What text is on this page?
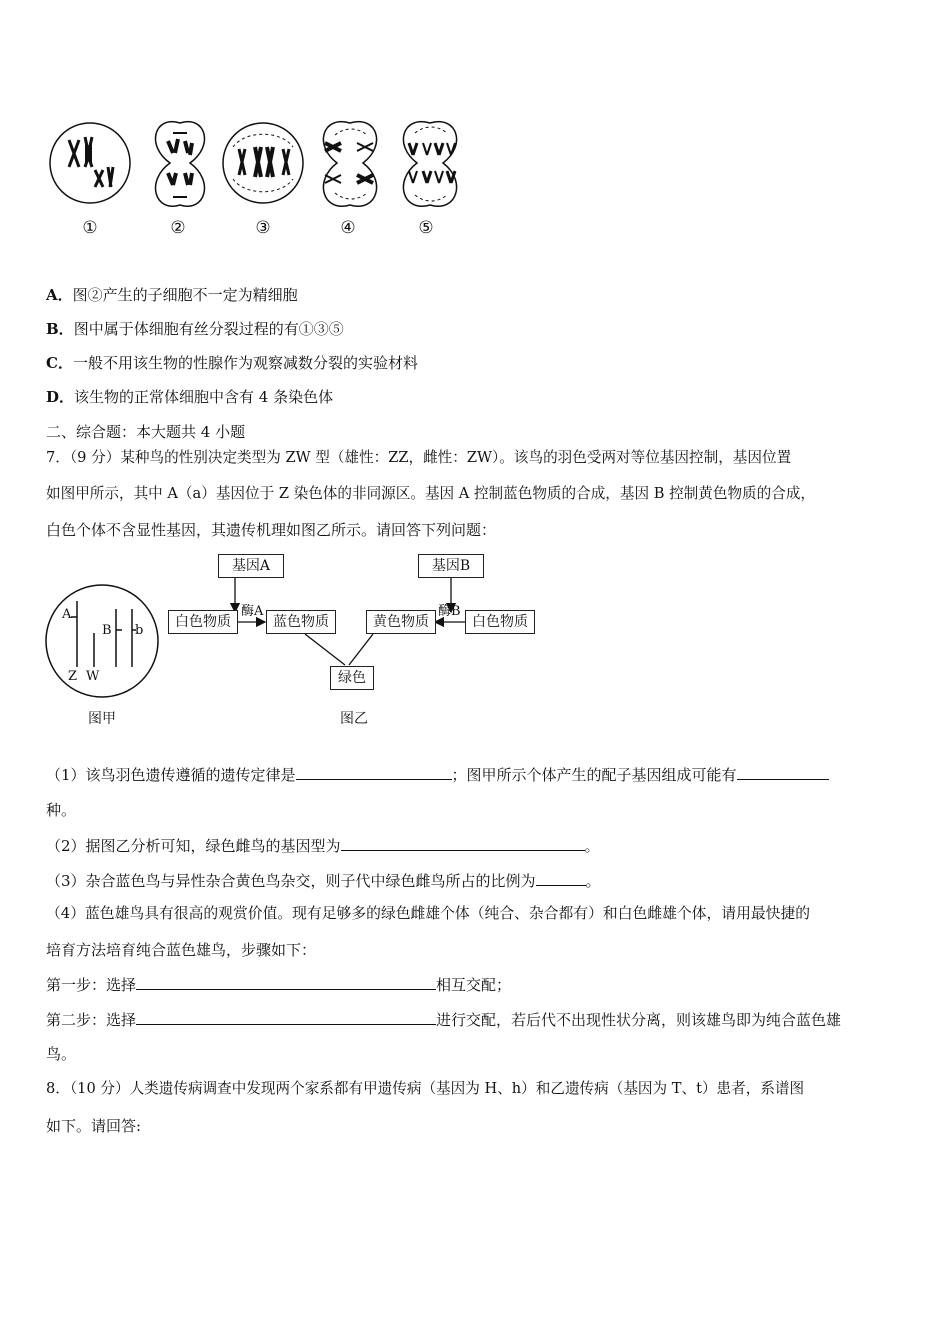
①	②	③	④	⑤
A．图②产生的子细胞不一定为精细胞
B．图中属于体细胞有丝分裂过程的有①③⑤
C．一般不用该生物的性腺作为观察减数分裂的实验材料
D．该生物的正常体细胞中含有 4 条染色体
二、综合题：本大题共 4 小题
7．（9 分）某种鸟的性别决定类型为 ZW 型（雄性：ZZ，雌性：ZW）。该鸟的羽色受两对等位基因控制，基因位置
如图甲所示，其中 A（a）基因位于 Z 染色体的非同源区。基因 A 控制蓝色物质的合成，基因 B 控制黄色物质的合成，
白色个体不含显性基因，其遗传机理如图乙所示。请回答下列问题：
A
B b
Z W
图甲
基因A	基因B
酶A	酶B
白色物质	蓝色物质	黄色物质	白色物质
绿色
图乙
（1）该鸟羽色遗传遵循的遗传定律是	；图甲所示个体产生的配子基因组成可能有
种。
（2）据图乙分析可知，绿色雌鸟的基因型为	。
（3）杂合蓝色鸟与异性杂合黄色鸟杂交，则子代中绿色雌鸟所占的比例为	。
（4）蓝色雄鸟具有很高的观赏价值。现有足够多的绿色雌雄个体（纯合、杂合都有）和白色雌雄个体，请用最快捷的
培育方法培育纯合蓝色雄鸟，步骤如下：
第一步：选择	相互交配；
第二步：选择	进行交配，若后代不出现性状分离，则该雄鸟即为纯合蓝色雄
鸟。
8．（10 分）人类遗传病调查中发现两个家系都有甲遗传病（基因为 H、h）和乙遗传病（基因为 T、t）患者，系谱图
如下。请回答:
